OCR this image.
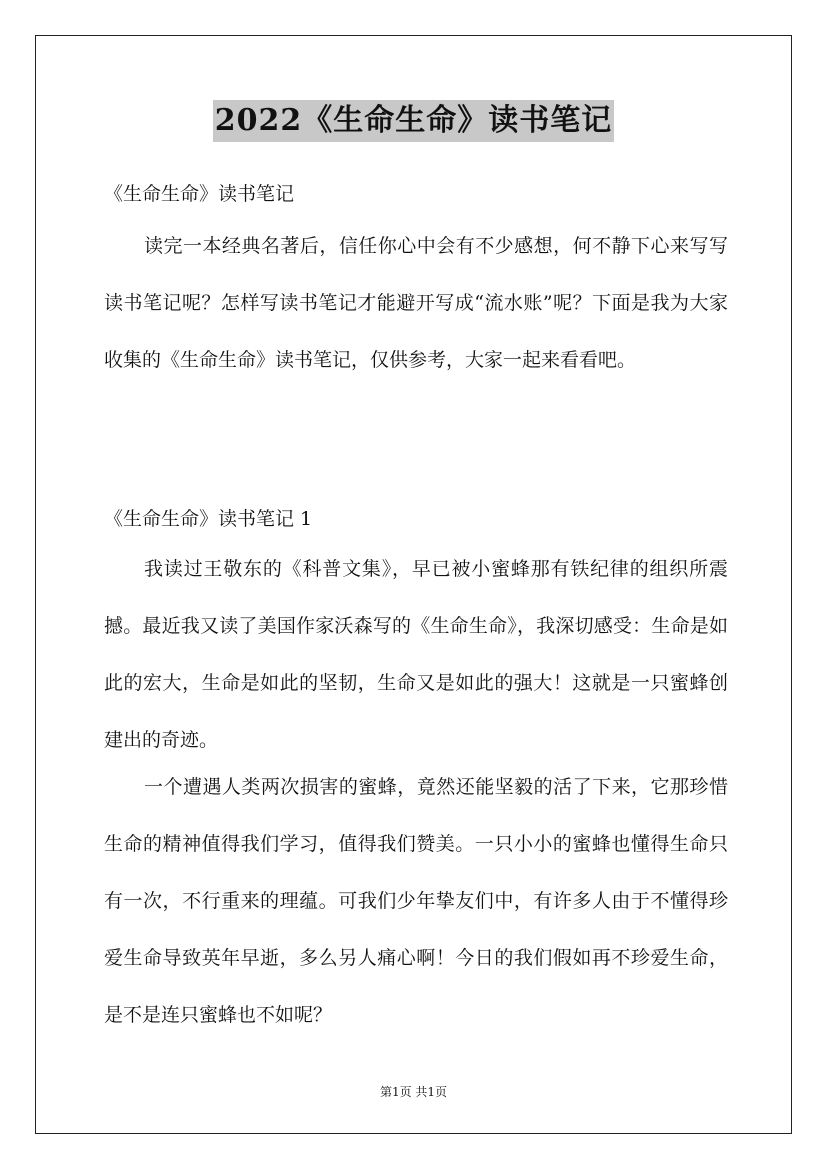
2022《生命生命》读书笔记
《生命生命》读书笔记

读完一本经典名著后，信任你心中会有不少感想，何不静下心来写写读书笔记呢？怎样写读书笔记才能避开写成“流水账”呢？下面是我为大家收集的《生命生命》读书笔记，仅供参考，大家一起来看看吧。

《生命生命》读书笔记 1

我读过王敬东的《科普文集》，早已被小蜜蜂那有铁纪律的组织所震撼。最近我又读了美国作家沃森写的《生命生命》，我深切感受：生命是如此的宏大，生命是如此的坚韧，生命又是如此的强大！这就是一只蜜蜂创建出的奇迹。

一个遭遇人类两次损害的蜜蜂，竟然还能坚毅的活了下来，它那珍惜生命的精神值得我们学习，值得我们赞美。一只小小的蜜蜂也懂得生命只有一次，不行重来的理蕴。可我们少年挚友们中，有许多人由于不懂得珍爱生命导致英年早逝，多么另人痛心啊！今日的我们假如再不珍爱生命，是不是连只蜜蜂也不如呢？

第1页 共1页
